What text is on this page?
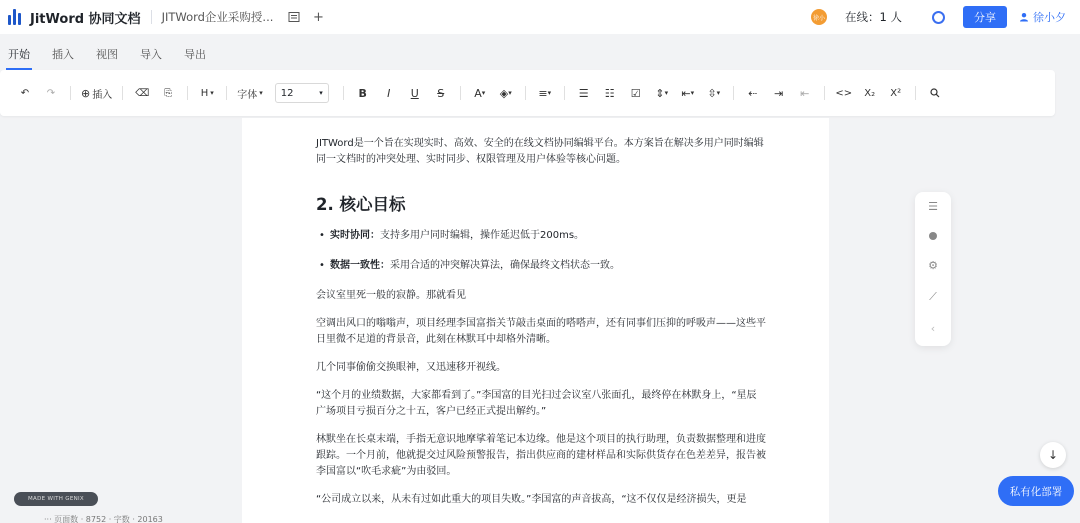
JitWord 协同文档 JITWord企业采购授...	+	徐小 在线：1 人	分享	徐小夕
开始 插入 视图 导入 导出
↶	↷	⊕ 插入 ⌫	⎘	H ▾ 字体 ▾ 12	▾	B	I	U	S	A ▾ ◈ ▾ ≡ ▾	☰	☷	☑	⇕ ▾ ⇤ ▾ ⇳ ▾	⇠	⇥	⇤	<>	X₂	X²

JITWord是一个旨在实现实时、高效、安全的在线文档协同编辑平台。本方案旨在解决多用户同时编辑同一文档时的冲突处理、实时同步、权限管理及用户体验等核心问题。

2. 核心目标
• 实时协同：支持多用户同时编辑，操作延迟低于200ms。
• 数据一致性：采用合适的冲突解决算法，确保最终文档状态一致。

会议室里死一般的寂静。那就看见

空调出风口的嗡嗡声，项目经理李国富指关节敲击桌面的嗒嗒声，还有同事们压抑的呼吸声——这些平日里微不足道的背景音，此刻在林默耳中却格外清晰。

几个同事偷偷交换眼神，又迅速移开视线。

“这个月的业绩数据，大家都看到了。”李国富的目光扫过会议室八张面孔，最终停在林默身上，“星辰广场项目亏损百分之十五，客户已经正式提出解约。”

林默坐在长桌末端，手指无意识地摩挲着笔记本边缘。他是这个项目的执行助理，负责数据整理和进度跟踪。一个月前，他就提交过风险预警报告，指出供应商的建材样品和实际供货存在色差差异，报告被李国富以“吹毛求疵”为由驳回。

“公司成立以来，从未有过如此重大的项目失败。”李国富的声音拔高，“这不仅仅是经济损失，更是

☰
⚙
⟋
‹
↓
私有化部署
MADE WITH GENIX
··· 页面数 · 8752 · 字数 · 20163
